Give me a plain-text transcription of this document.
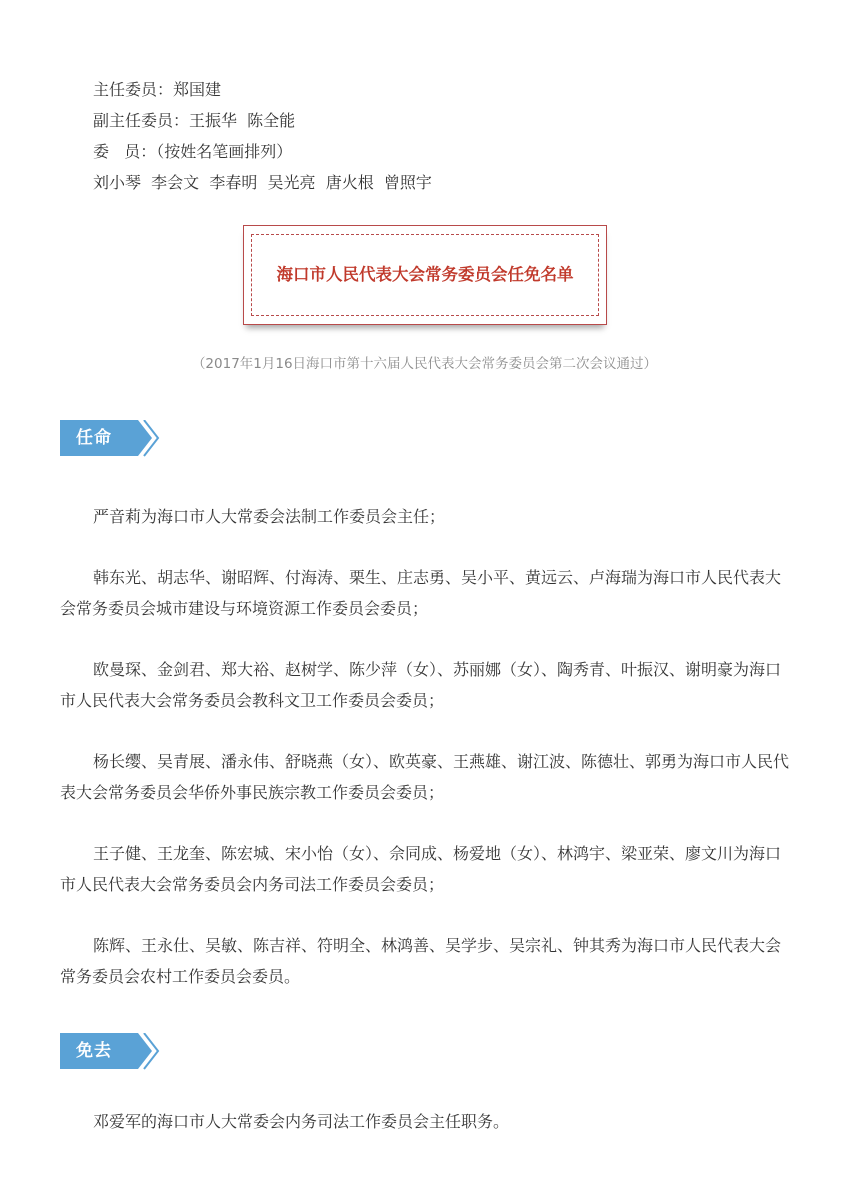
主任委员：郑国建
副主任委员：王振华  陈全能
委   员：（按姓名笔画排列）
刘小琴  李会文  李春明  吴光亮  唐火根  曾照宇
海口市人民代表大会常务委员会任免名单
（2017年1月16日海口市第十六届人民代表大会常务委员会第二次会议通过）
任命
严音莉为海口市人大常委会法制工作委员会主任；
韩东光、胡志华、谢昭辉、付海涛、栗生、庄志勇、吴小平、黄远云、卢海瑞为海口市人民代表大会常务委员会城市建设与环境资源工作委员会委员；
欧曼琛、金剑君、郑大裕、赵树学、陈少萍（女）、苏丽娜（女）、陶秀青、叶振汉、谢明豪为海口市人民代表大会常务委员会教科文卫工作委员会委员；
杨长缨、吴青展、潘永伟、舒晓燕（女）、欧英豪、王燕雄、谢江波、陈德壮、郭勇为海口市人民代表大会常务委员会华侨外事民族宗教工作委员会委员；
王子健、王龙奎、陈宏城、宋小怡（女）、佘同成、杨爱地（女）、林鸿宇、梁亚荣、廖文川为海口市人民代表大会常务委员会内务司法工作委员会委员；
陈辉、王永仕、吴敏、陈吉祥、符明全、林鸿善、吴学步、吴宗礼、钟其秀为海口市人民代表大会常务委员会农村工作委员会委员。
免去
邓爱军的海口市人大常委会内务司法工作委员会主任职务。
